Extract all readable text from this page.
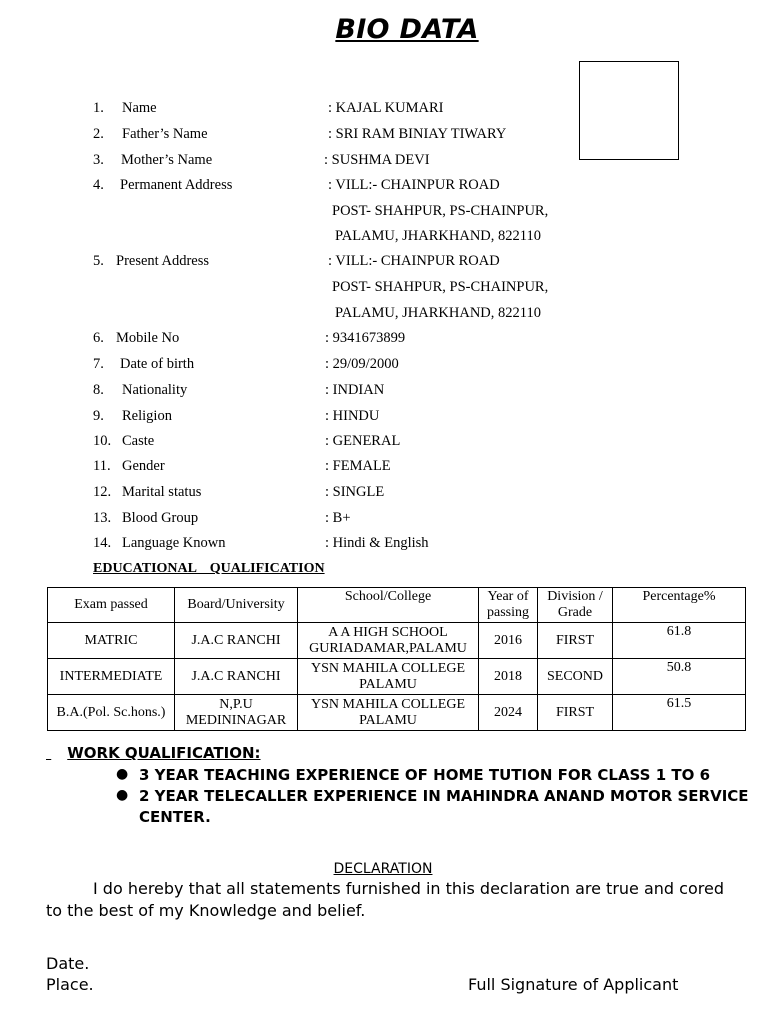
BIO DATA
1. Name	: KAJAL KUMARI
2. Father’s Name	: SRI RAM BINIAY TIWARY
3. Mother’s Name	: SUSHMA DEVI
4. Permanent Address	: VILL:- CHAINPUR ROAD
POST- SHAHPUR, PS-CHAINPUR,
PALAMU, JHARKHAND, 822110
5. Present Address	: VILL:- CHAINPUR ROAD
POST- SHAHPUR, PS-CHAINPUR,
PALAMU, JHARKHAND, 822110
6. Mobile No	: 9341673899
7. Date of birth	: 29/09/2000
8. Nationality	: INDIAN
9. Religion	: HINDU
10. Caste	: GENERAL
11. Gender	: FEMALE
12. Marital status	: SINGLE
13. Blood Group	: B+
14. Language Known	: Hindi & English
EDUCATIONAL QUALIFICATION
Exam passed	Board/University	School/College	Year of passing	Division / Grade	Percentage%
MATRIC	J.A.C RANCHI	A A HIGH SCHOOL GURIADAMAR,PALAMU	2016	FIRST	61.8
INTERMEDIATE	J.A.C RANCHI	YSN MAHILA COLLEGE PALAMU	2018	SECOND	50.8
B.A.(Pol. Sc.hons.)	N,P.U MEDININAGAR	YSN MAHILA COLLEGE PALAMU	2024	FIRST	61.5
WORK QUALIFICATION:
● 3 YEAR TEACHING EXPERIENCE OF HOME TUTION FOR CLASS 1 TO 6
● 2 YEAR TELECALLER EXPERIENCE IN MAHINDRA ANAND MOTOR SERVICE
CENTER.
DECLARATION
I do hereby that all statements furnished in this declaration are true and cored to the best of my Knowledge and belief.
Date.
Place.	Full Signature of Applicant
